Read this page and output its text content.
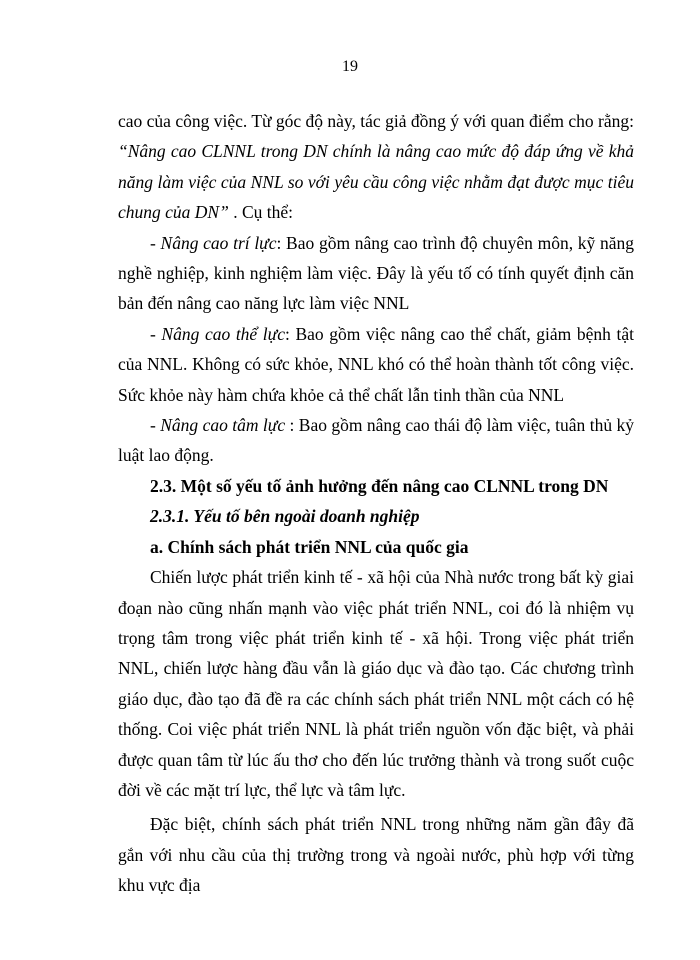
19

cao của công việc. Từ góc độ này, tác giả đồng ý với quan điểm cho rằng: “Nâng cao CLNNL trong DN chính là nâng cao mức độ đáp ứng về khả năng làm việc của NNL so với yêu cầu công việc nhằm đạt được mục tiêu chung của DN” . Cụ thể:

- Nâng cao trí lực: Bao gồm nâng cao trình độ chuyên môn, kỹ năng nghề nghiệp, kinh nghiệm làm việc. Đây là yếu tố có tính quyết định căn bản đến nâng cao năng lực làm việc NNL

- Nâng cao thể lực: Bao gồm việc nâng cao thể chất, giảm bệnh tật của NNL. Không có sức khỏe, NNL khó có thể hoàn thành tốt công việc. Sức khỏe này hàm chứa khỏe cả thể chất lẫn tinh thần của NNL

- Nâng cao tâm lực : Bao gồm nâng cao thái độ làm việc, tuân thủ kỷ luật lao động.

2.3. Một số yếu tố ảnh hưởng đến nâng cao CLNNL trong DN

2.3.1. Yếu tố bên ngoài doanh nghiệp

a. Chính sách phát triển NNL của quốc gia

Chiến lược phát triển kinh tế - xã hội của Nhà nước trong bất kỳ giai đoạn nào cũng nhấn mạnh vào việc phát triển NNL, coi đó là nhiệm vụ trọng tâm trong việc phát triển kinh tế - xã hội. Trong việc phát triển NNL, chiến lược hàng đầu vẫn là giáo dục và đào tạo. Các chương trình giáo dục, đào tạo đã đề ra các chính sách phát triển NNL một cách có hệ thống. Coi việc phát triển NNL là phát triển nguồn vốn đặc biệt, và phải được quan tâm từ lúc ấu thơ cho đến lúc trưởng thành và trong suốt cuộc đời về các mặt trí lực, thể lực và tâm lực.

Đặc biệt, chính sách phát triển NNL trong những năm gần đây đã gắn với nhu cầu của thị trường trong và ngoài nước, phù hợp với từng khu vực địa
